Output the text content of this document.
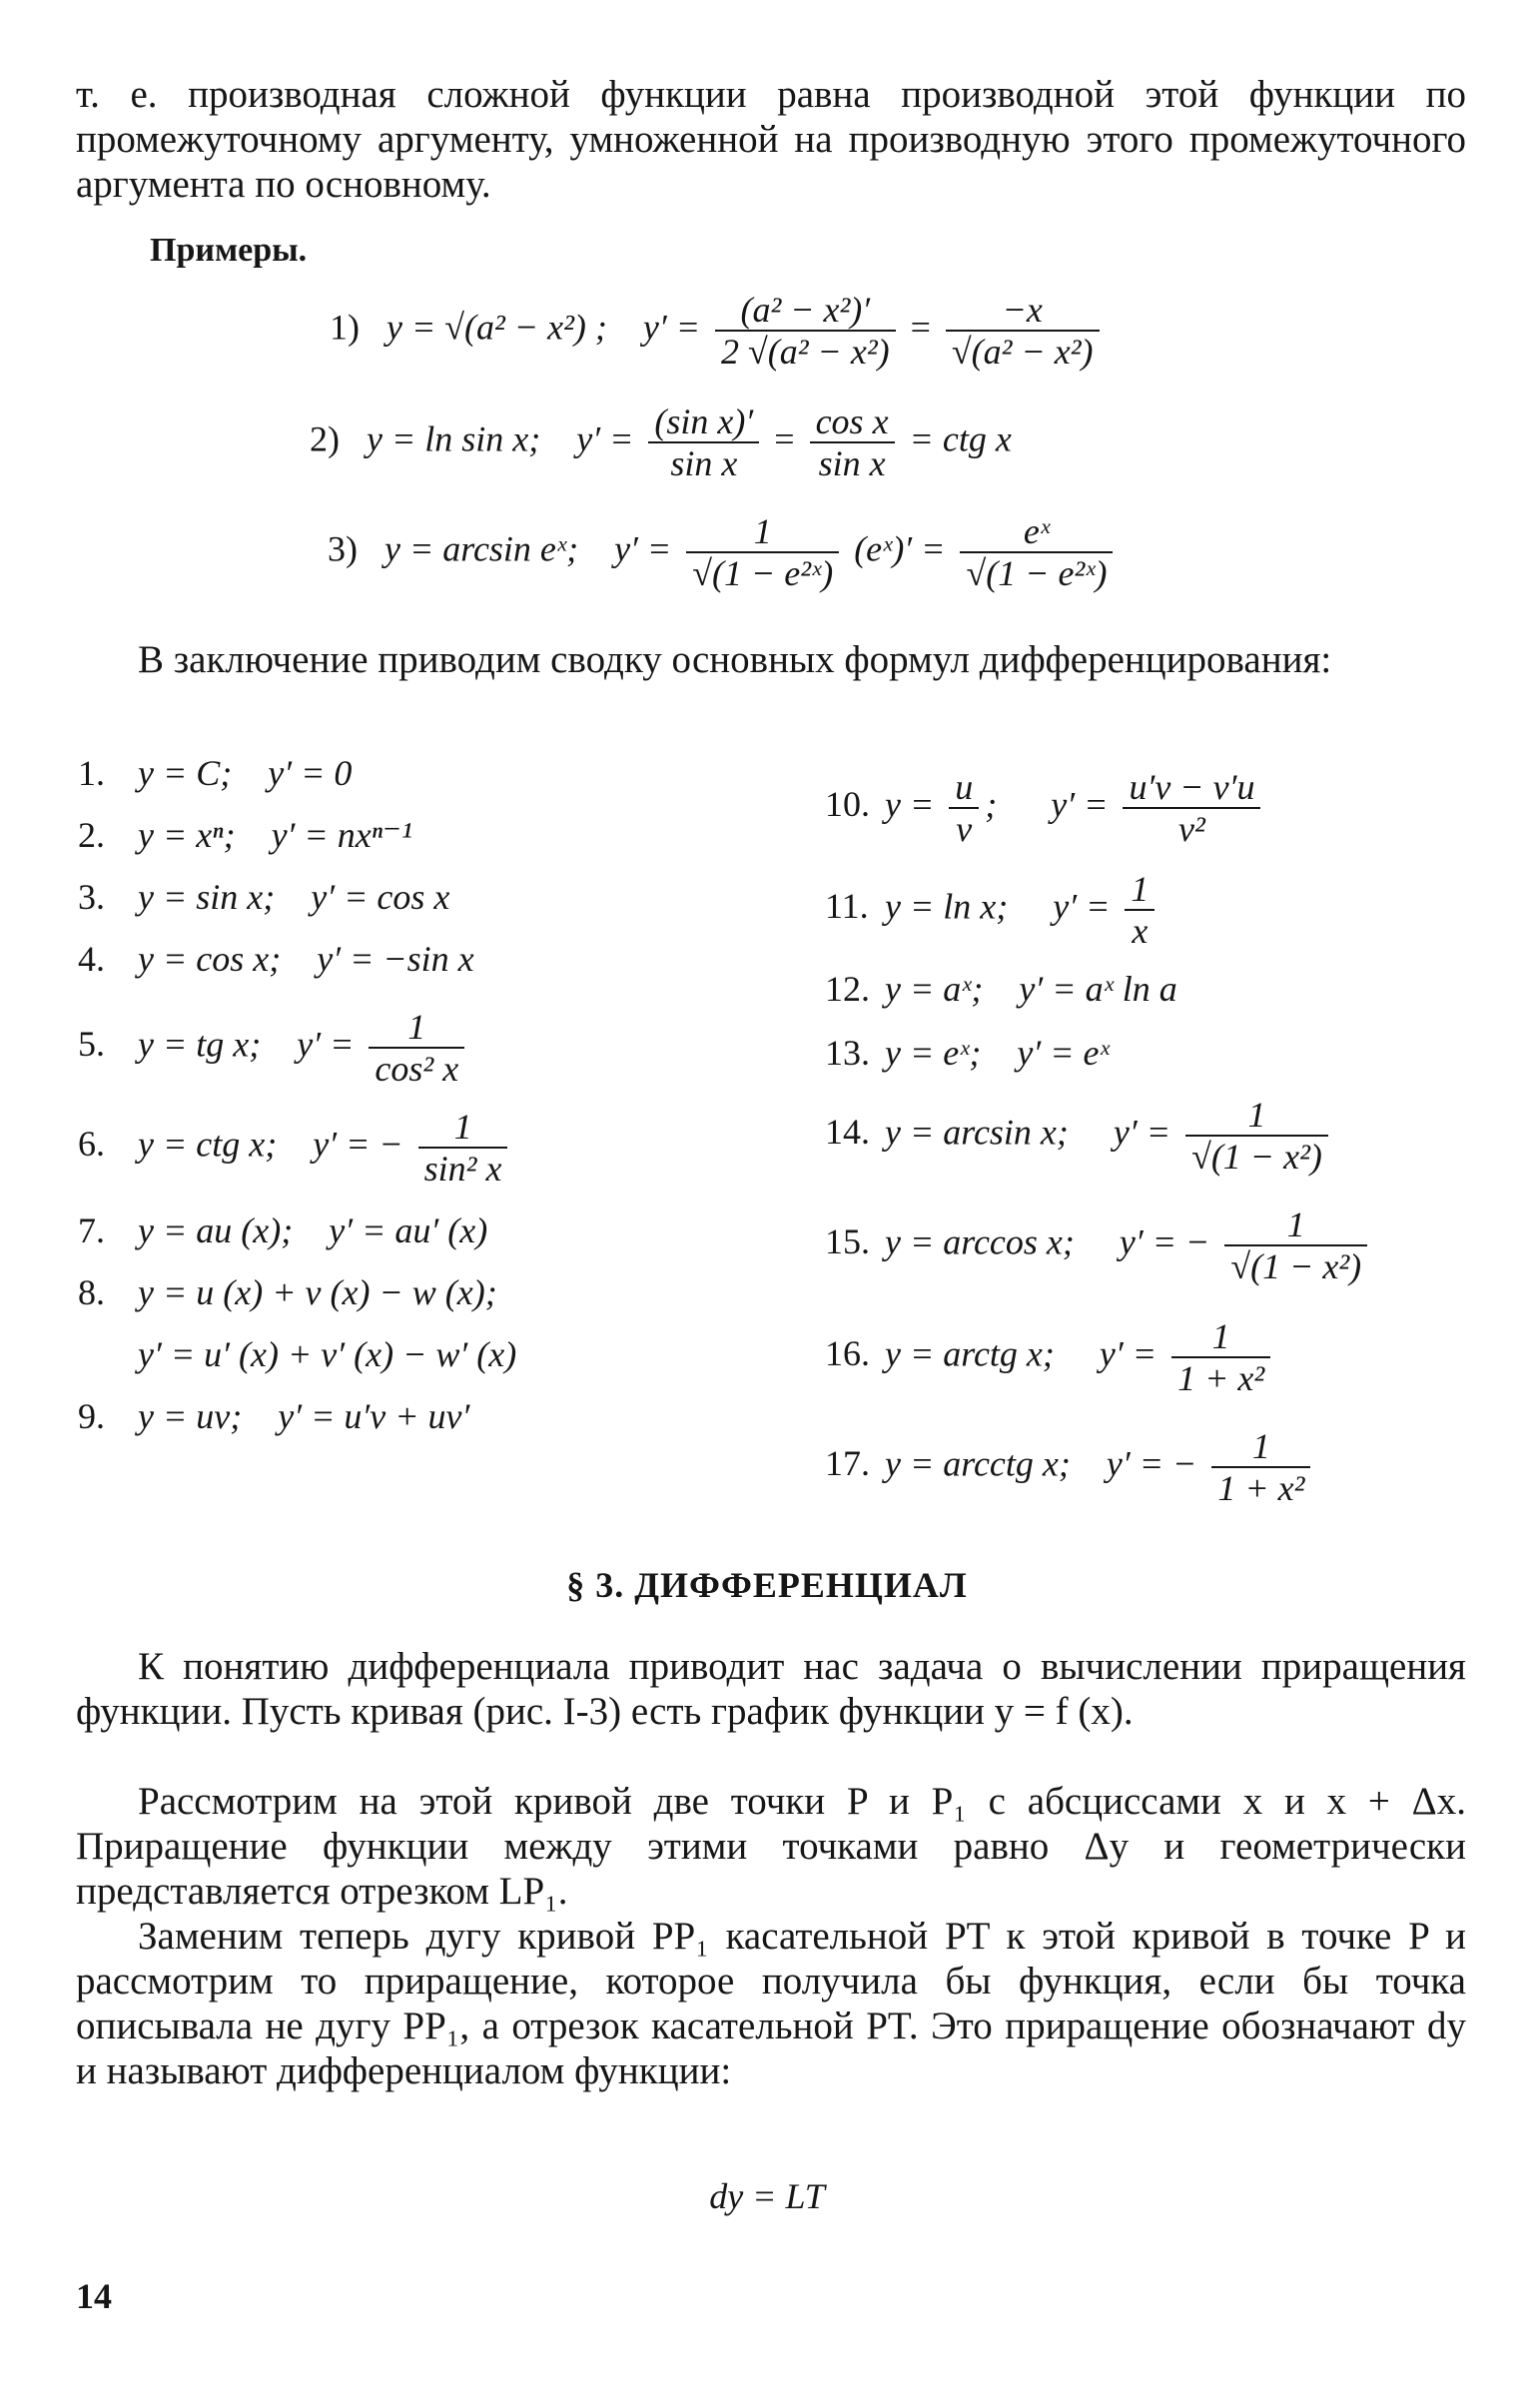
т. е. производная сложной функции равна производной этой функции по промежуточному аргументу, умноженной на производную этого промежуточного аргумента по основному.
Примеры.
1) y = √(a² − x²) ; $y' = \frac{\text{(a² − x²)′}}{\text{2 √(a² − x²)}} = \frac{-x}{\text{√(a² − x²)}}$
2) y = ln sin x; $y' = \frac{\text{(sin x)′}}{\text{sin x}} = \frac{\text{cos x}}{\text{sin x}}$ = ctg x
3) y = arcsin eˣ; $y' = \frac{1}{\text{√(1 − e²ˣ)}}$ (eˣ)′ = $\frac{\text{eˣ}}{\text{√(1 − e²ˣ)}}$
В заключение приводим сводку основных формул дифференцирования:
1. y = C; y′ = 0
2. y = xⁿ; y′ = nxⁿ⁻¹
3. y = sin x; y′ = cos x
4. y = cos x; y′ = −sin x
5. y = tg x; $y' = \frac{1}{\text{cos² x}}$
6. y = ctg x; y′ = − $\frac{1}{\text{sin² x}}$
7. y = au (x); y′ = au′ (x)
8. y = u (x) + v (x) − w (x);
y′ = u′ (x) + v′ (x) − w′ (x)
9. y = uv; y′ = u′v + uv′
10. $y = \frac{u}{v}$ ; $y' = \frac{u'v - v'u}{\text{v²}}$
11. y = ln x; $y' = \frac{1}{x}$
12. y = aˣ; y′ = aˣ ln a
13. y = eˣ; y′ = eˣ
14. y = arcsin x; $y' = \frac{1}{\text{√(1 − x²)}}$
15. y = arccos x; y′ = − $\frac{1}{\text{√(1 − x²)}}$
16. y = arctg x; $y' = \frac{1}{\text{1 + x²}}$
17. y = arcctg x; y′ = − $\frac{1}{\text{1 + x²}}$
§ 3. ДИФФЕРЕНЦИАЛ
К понятию дифференциала приводит нас задача о вычислении приращения функции. Пусть кривая (рис. I-3) есть график функции y = f (x).
Рассмотрим на этой кривой две точки P и P₁ с абсциссами x и x + Δx. Приращение функции между этими точками равно Δy и геометрически представляется отрезком LP₁.
Заменим теперь дугу кривой PP₁ касательной PT к этой кривой в точке P и рассмотрим то приращение, которое получила бы функция, если бы точка описывала не дугу PP₁, а отрезок касательной PT. Это приращение обозначают dy и называют дифференциалом функции:
dy = LT
14
